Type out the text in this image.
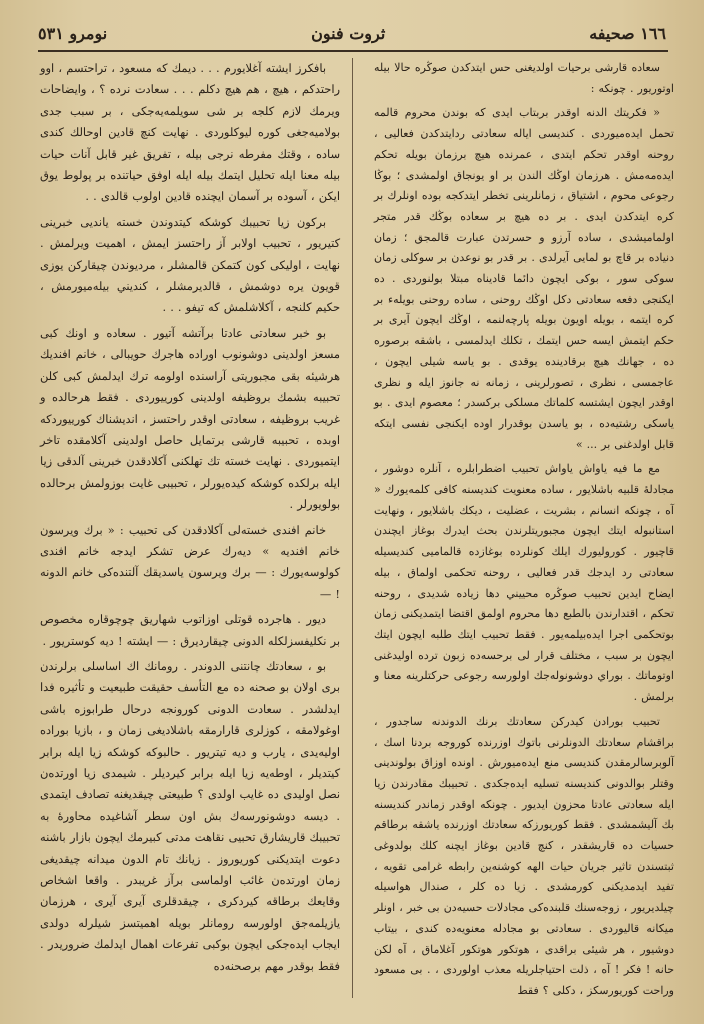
١٦٦ صحيفه
ثروت فنون
نومرو ٥٣١

سعاده قارشى برحيات اولديغنى حس ايتدكدن صوڭره حالا بيله اوتوريور . چونكه :

« فكريتك الدنه اوقدر بربتاب ايدى كه بوندن محروم قالمه تحمل ايده‌ميوردى . كنديسى اياله سعادتى ردايتدكدن فعاليى ، روحنه اوقدر تحكم ايتدى ، عمرنده هيچ برزمان بويله تحكم ايده‌مه‌مش . هرزمان اوڭك الندن بر او يونجاق اولمشدى ؛ بوڭا رجوعى محوم ، اشتياق ، زمانلرينى تخطر ايتدكجه بوده اونلرك بر كره ايتدكدن ايدى . بر ده هيچ بر سعاده بوڭك قدر متجر اولماميشدى ، ساده آرزو و حسرتدن عبارت قالمجق ؛ زمان دنياده بر قاچ بو لمايى آيرلدى . بر قدر بو نوعدن بر سوكلى زمان سوكى سور ، بوكى ايچون دائما قاديناه مبتلا بولنوردى . ده ايكنجى دفعه سعادتى دكل اوڭك روحنى ، ساده روحنى بويلهء بر كره ايتمه ، بويله اويون بويله پارچه‌لنمه ، اوڭك ايچون آيرى بر حكم ايتمش ايسه حس ايتمك ، تكلك ايدلمسى ، باشقه برصوره ده ، جهانك هيچ برقادينده يوقدى . بو ياسه شيلى ايچون ، عاجمسى ، نظرى ، تصورلرينى ، زمانه نه جانوز ايله و نظرى اوقدر ايچون ايشتسه كلماتك مسلكى بركسدر ؛ معصوم ايدى . بو ياسكى رشتيه‌ده ، بو ياسدن بوقدرار اوده ايكنجى نفسى ايتكه قابل اولدغنى بر ... »

مع ما فيه ياواش ياواش تحبيب اضطرابلره ، آنلره دوشور ، مجادلهٔ قلبيه باشلايور ، ساده معنويت كنديسنه كافى كلمه‌يورك « آه ، چونكه انسانم ، بشريت ، عضليت ، ديكك باشلايور ، ونهايت استانبوله ايتك ايچون مجبوريتلرندن بحث ايدرك بوغاز ايچندن قاچيور . كوروليورك ايلك كونلرده بوغازده قالماميى كنديسيله سعادتى رد ايدجك قدر فعاليى ، روحنه تحكمى اولماق ، بيله ايضاح ايدين تحبيب صوڭره محييني دها زياده شديدى ، روحنه تحكم ، اقتدارندن بالطبع دها محروم اولمق اقتضا ايتمديكنى زمان بوتحكمى اجرا ايده‌بيلمه‌يور . فقط تحبيب ايتك طلبه ايچون ايتك ايچون بر سبب ، مختلف قرار لى برحسه‌ده زبون ترده اوليدغنى اوتوماتك . بوراي دوشونوله‌جك اولورسه رجوعى حركتلرينه معنا و برلمش .

تحبيب بورادن كيدركن سعادتك برنك الدوندنه ساجدور ، براقشام سعادتك الدونلرنى باتوك اوزرنده كوروجه بردنا اسك ، آلوبرسالرمقدن كنديسى منع ايده‌ميورش . اونده اوزاق بولوندينى وقتلر بوالدونى كنديسنه تسليه ايده‌جكدى . تحبيبك مقادرندن زيا ايله سعادتى عادتا محزون ايديور . چونكه اوقدر زماندر كنديسنه بك آليشمشدى . فقط كوريورزكه سعادتك اوزرنده ياشقه برطاقم حسيات ده قاريشقدر ، كنچ قادين بوغاز ايچنه كلك بولدوغى ثبتسندن تاثير جريان حيات الهه كوشنه‌ين رابطه غرامى تقويه ، تفيد ايدمديكنى كورمشدى . زيا ده كلر ، صندال هواسيله چيلديريور ، زوجه‌سنك قلبنده‌كى مجادلات حسيه‌دن بى خبر ، اونلر ميكانه قاليوردى . سعادتى بو مجادله معنويه‌ده كندى ، بيتاب دوشيور ، هر شيئى براقدى ، هوتكور هوتكور آغلاماق ، آه لكن حانه ! فكر ! آه ، ذلت احتياجلريله معذب اولوردى ، . بى مسعود وراحت كوريورسكز ، دكلى ؟ فقط

بافكرز ايشته آغلايورم . . . ديمك كه مسعود ، تراحتسم ، اوو راحتدكم ، هيچ ، هم هيچ دكلم . . . سعادت نرده ؟ ، وايضاحات ويرمك لازم كلجه بر شى سويلمه‌يه‌جكى ، بر سبب جدى بولاميه‌جغى كوره ليوكلوردى . نهايت كنچ قادين اوحالك كندى ساده ، وقتك مفرطه نرجى بيله ، تفريق غير قابل آنات حيات بيله معنا ايله تحليل ايتمك بيله ايله اوفق حياتنده بر پولوط يوق ايكن ، آسوده بر آسمان ايچنده قادين اولوب قالدى . .

بركون زيا تحبيبك كوشكه كيتدوندن خسته يانديى خبرينى كتيريور ، تحبيب اولابر آز راحتسز ايمش ، اهميت ويرلمش . نهايت ، اوليكى كون كتمكن قالمشلر ، مرديوندن چيقاركن يوزى قويون يره دوشمش ، قالديرمشلر ، كنديني بيله‌ميورمش ، حكيم كلنجه ، آكلاشلمش كه تيفو . . .

بو خبر سعادتى عادتا برآتشه آتيور . سعاده و اونك كبى مسعز اولدينى دوشونوب اوراده هاجرك حويبالى ، خانم افنديك هرشيئه بقى مجبوريتى آراسنده اولومه ترك ايدلمش كبى كلن تحبيبه بشمك بروظيفه اولدينى كورييوردى . فقط هرحالده و غريب بروظيفه ، سعادتى اوقدر راحتسز ، انديشناك كورييوردكه اوبده ، تحبيبه قارشى برتمايل حاصل اولدينى آكلامقده تاخر ايتميوردى . نهايت خسته تك تهلكنى آكلادقدن خبرينى آلدقى زيا ايله برلكده كوشكه كيده‌يورلر ، تحبيبى غايت بوزولمش برحالده بولويورلر .

خانم افندى خسته‌لى آكلادقدن كى تحبيب : « برك ويرسون خانم افنديه » ديه‌رك عرض تشكر ايدجه خانم افندى كولوسه‌يورك : — برك ويرسون ياسديقك آلتنده‌كى خانم الدونه ! —

ديور . هاجرده قوتلى اوزاتوب شهاريق چوچوقاره مخصوص بر نكليفسزلكله الدونى چيقارديرق : — ايشته ! ديه كوستريور .

بو ، سعادتك چانتنى الدوندر . رومانك اك اساسلى برلرندن برى اولان بو صحنه ده مع التأسف حقيقت طبيعيت و تأثيره فدا ايدلشدر . سعادت الدونى كورونجه درحال طرابوزه باشى اوغولامقه ، كوزلرى قارارمقه باشلاديغى زمان و ، بازيا بوراده اوليه‌يدى ، يارب و ديه تيتريور . حالبوكه كوشكه زيا ايله برابر كيتديلر ، اوطه‌يه زيا ايله برابر كيرديلر . شيمدى زيا اورتده‌ن نصل اوليدى ده غايب اولدى ؟ طبيعتى چيقديغنه تصادف ايتمدى . ديسه دوشونورسه‌ك بش اون سطر آشاغيده محاورهٔ به تحبيبك قاريشارق تحبيى نقاهت مدتى كبيرمك ايچون بازار باشنه دعوت ايتديكنى كوريوروز . زيانك تام الدون ميدانه چيقدیغى زمان اورتده‌ن غائب اولماسى برآز غريبدر . واقعا اشخاص وقايعك برطاقه كيردكرى ، چيقدقلرى آيرى آيرى ، هرزمان يازيلمه‌جق اولورسه رومانلر بويله اهميتسز شيلرله دولدى ايجاب ايده‌جكى ايچون بوكبى تفرعات اهمال ايدلمك ضروريدر . فقط بوقدر مهم برصحنه‌ده
